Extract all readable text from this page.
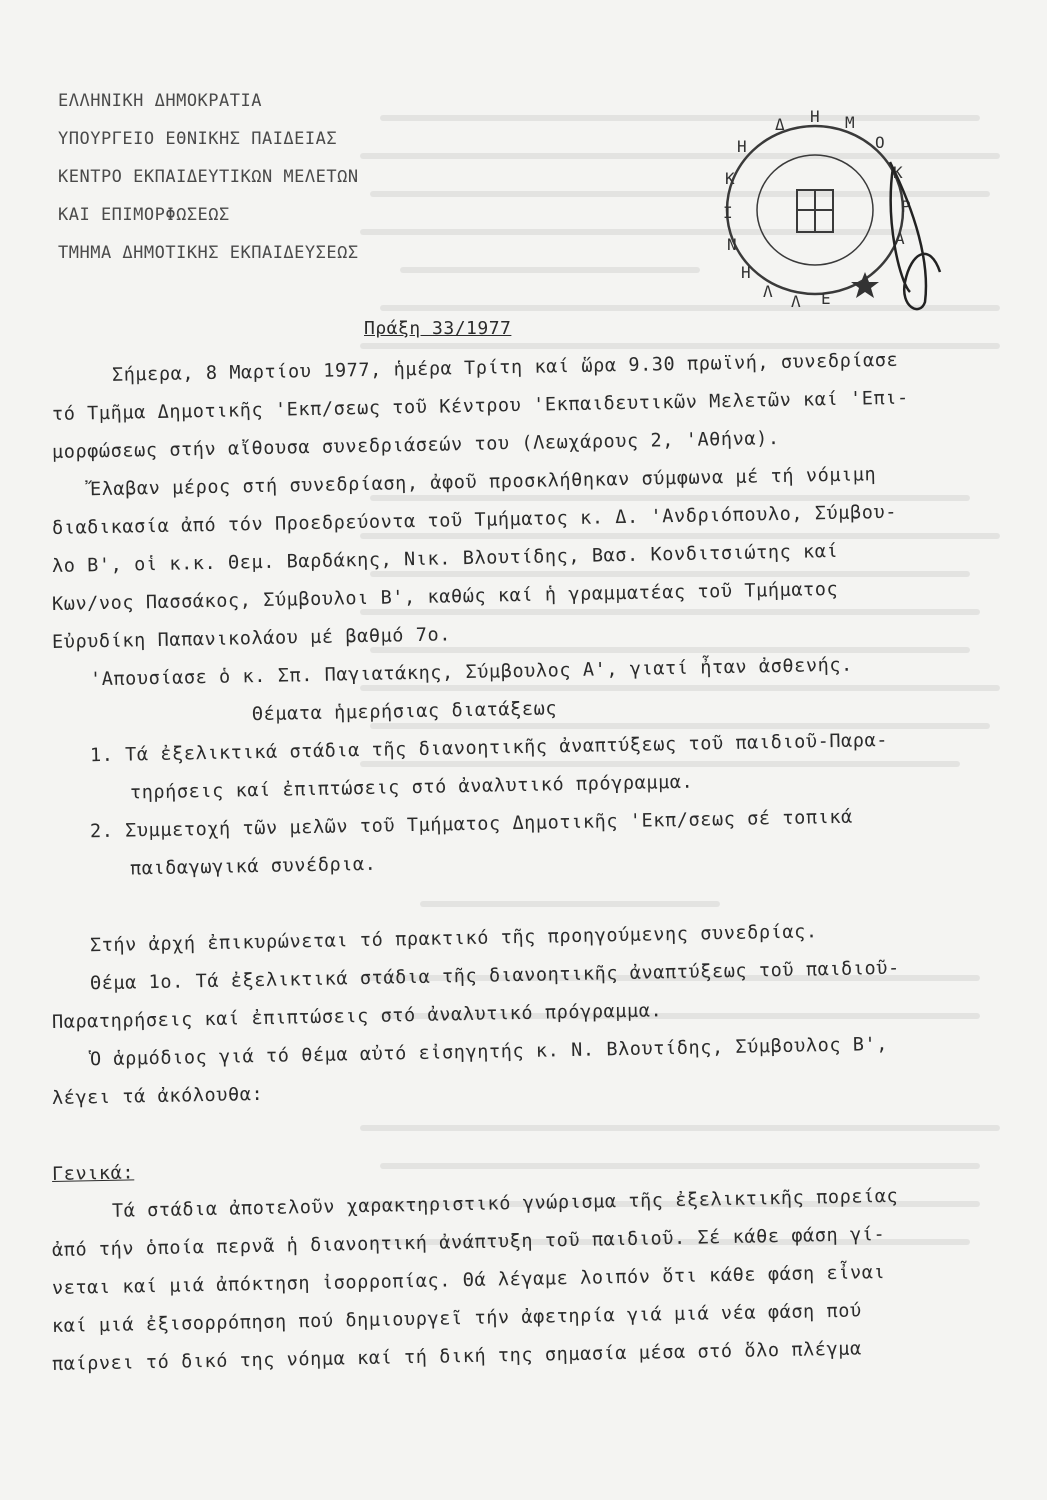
ΕΛΛΗΝΙΚΗ ΔΗΜΟΚΡΑΤΙΑ
ΥΠΟΥΡΓΕΙΟ ΕΘΝΙΚΗΣ ΠΑΙΔΕΙΑΣ
ΚΕΝΤΡΟ ΕΚΠΑΙΔΕΥΤΙΚΩΝ ΜΕΛΕΤΩΝ
ΚΑΙ ΕΠΙΜΟΡΦΩΣΕΩΣ
ΤΜΗΜΑ ΔΗΜΟΤΙΚΗΣ ΕΚΠΑΙΔΕΥΣΕΩΣ
Δ Η Μ
Ο
Κ
Ρ
Α
Η
Κ
Ι
Ν
Η
Λ
Λ Ε
Πράξη 33/1977
Σήμερα, 8 Μαρτίου 1977, ἡμέρα Τρίτη καί ὥρα 9.30 πρωϊνή, συνεδρίασε
τό Τμῆμα Δημοτικῆς 'Εκπ/σεως τοῦ Κέντρου 'Εκπαιδευτικῶν Μελετῶν καί 'Επι-
μορφώσεως στήν αἴθουσα συνεδριάσεών του (Λεωχάρους 2, 'Αθήνα).
Ἔλαβαν μέρος στή συνεδρίαση, ἀφοῦ προσκλήθηκαν σύμφωνα μέ τή νόμιμη
διαδικασία ἀπό τόν Προεδρεύοντα τοῦ Τμήματος κ. Δ. 'Ανδριόπουλο, Σύμβου-
λο Β', οἱ κ.κ. Θεμ. Βαρδάκης, Νικ. Βλουτίδης, Βασ. Κονδιτσιώτης καί
Κων/νος Πασσάκος, Σύμβουλοι Β', καθώς καί ἡ γραμματέας τοῦ Τμήματος
Εὐρυδίκη Παπανικολάου μέ βαθμό 7ο.
'Απουσίασε ὁ κ. Σπ. Παγιατάκης, Σύμβουλος Α', γιατί ἦταν ἀσθενής.
Θέματα ἡμερήσιας διατάξεως
1. Τά ἐξελικτικά στάδια τῆς διανοητικῆς ἀναπτύξεως τοῦ παιδιοῦ-Παρα-
τηρήσεις καί ἐπιπτώσεις στό ἀναλυτικό πρόγραμμα.
2. Συμμετοχή τῶν μελῶν τοῦ Τμήματος Δημοτικῆς 'Εκπ/σεως σέ τοπικά
παιδαγωγικά συνέδρια.
Στήν ἀρχή ἐπικυρώνεται τό πρακτικό τῆς προηγούμενης συνεδρίας.
Θέμα 1ο. Τά ἐξελικτικά στάδια τῆς διανοητικῆς ἀναπτύξεως τοῦ παιδιοῦ-
Παρατηρήσεις καί ἐπιπτώσεις στό ἀναλυτικό πρόγραμμα.
Ὁ ἁρμόδιος γιά τό θέμα αὐτό εἰσηγητής κ. Ν. Βλουτίδης, Σύμβουλος Β',
λέγει τά ἀκόλουθα:
Γενικά:
Τά στάδια ἀποτελοῦν χαρακτηριστικό γνώρισμα τῆς ἐξελικτικῆς πορείας
ἀπό τήν ὁποία περνᾶ ἡ διανοητική ἀνάπτυξη τοῦ παιδιοῦ. Σέ κάθε φάση γί-
νεται καί μιά ἀπόκτηση ἰσορροπίας. Θά λέγαμε λοιπόν ὅτι κάθε φάση εἶναι
καί μιά ἐξισορρόπηση πού δημιουργεῖ τήν ἀφετηρία γιά μιά νέα φάση πού
παίρνει τό δικό της νόημα καί τή δική της σημασία μέσα στό ὅλο πλέγμα
